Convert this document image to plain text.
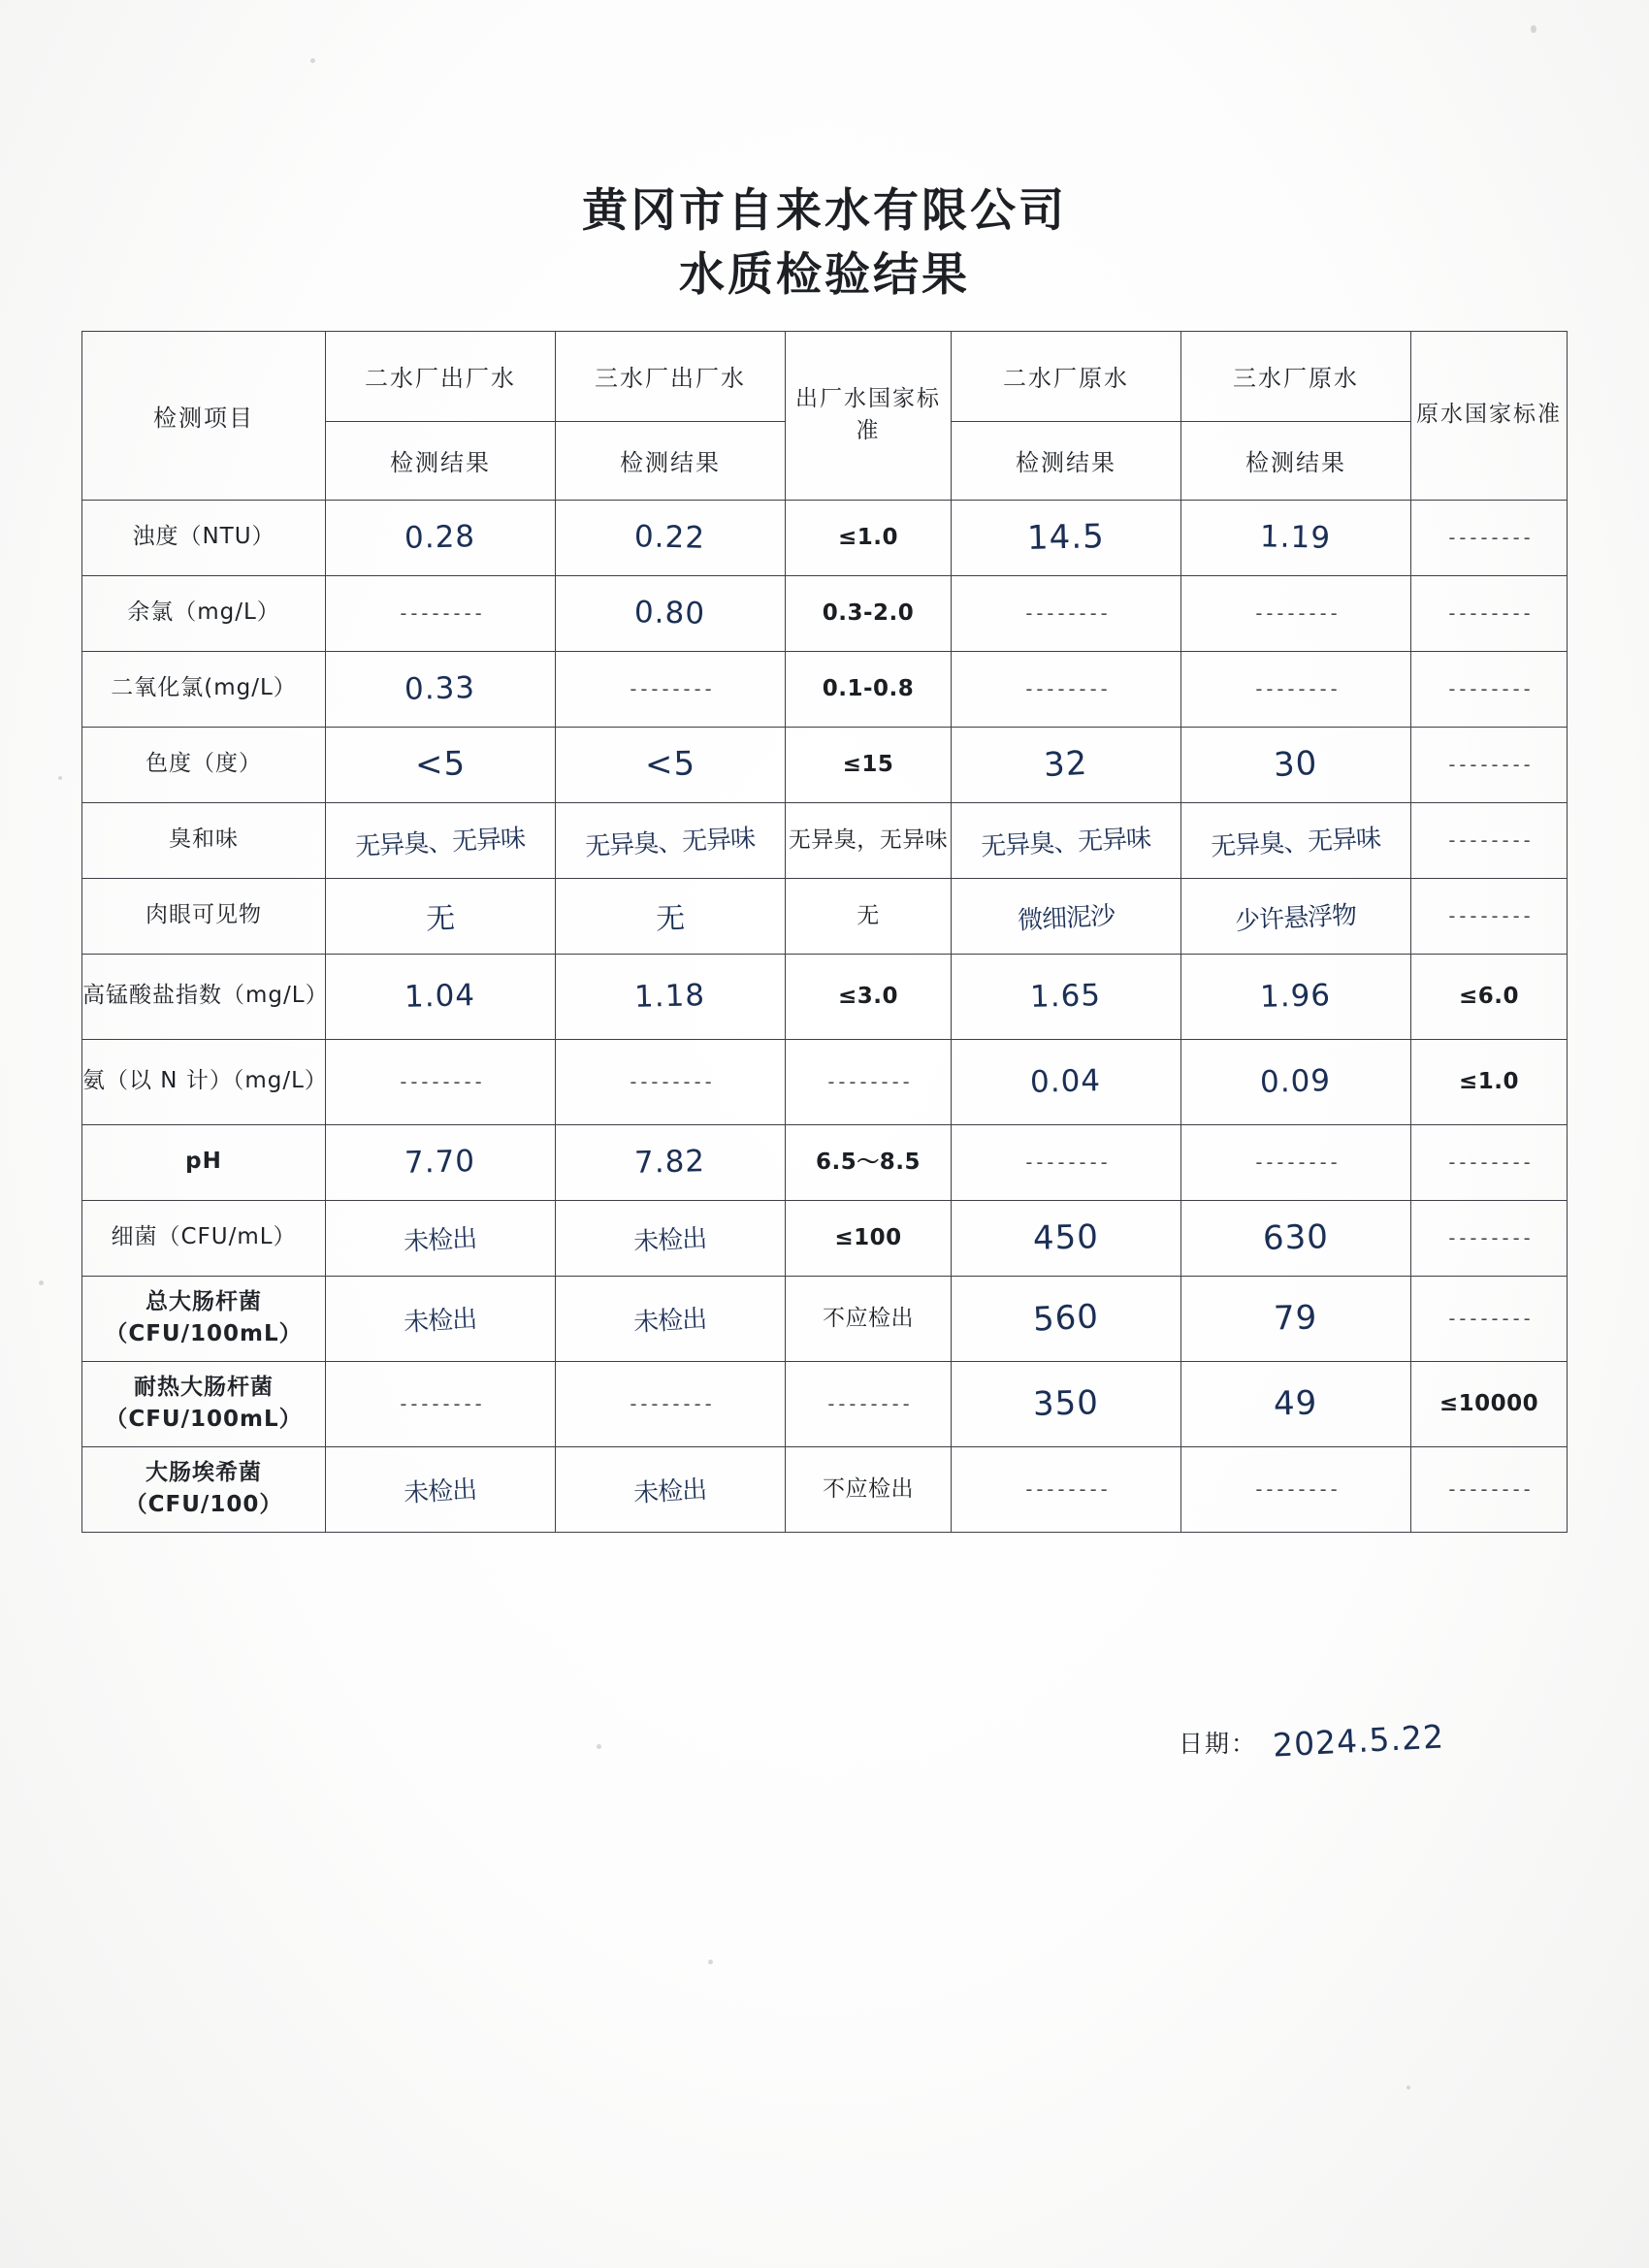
黄冈市自来水有限公司
水质检验结果
检测项目	二水厂出厂水	三水厂出厂水	出厂水国家标准	二水厂原水	三水厂原水	原水国家标准
	检测结果	检测结果		检测结果	检测结果	
浊度（NTU）	0.28	0.22	≤1.0	14.5	1.19	--------
余氯（mg/L）	--------	0.80	0.3-2.0	--------	--------	--------
二氧化氯(mg/L）	0.33	--------	0.1-0.8	--------	--------	--------
色度（度）	<5	<5	≤15	32	30	--------
臭和味	无异臭、无异味	无异臭、无异味	无异臭，无异味	无异臭、无异味	无异臭、无异味	--------
肉眼可见物	无	无	无	微细泥沙	少许悬浮物	--------
高锰酸盐指数（mg/L）	1.04	1.18	≤3.0	1.65	1.96	≤6.0
氨（以 N 计）（mg/L）	--------	--------	--------	0.04	0.09	≤1.0
pH	7.70	7.82	6.5～8.5	--------	--------	--------
细菌（CFU/mL）	未检出	未检出	≤100	450	630	--------
总大肠杆菌（CFU/100mL）	未检出	未检出	不应检出	560	79	--------
耐热大肠杆菌（CFU/100mL）	--------	--------	--------	350	49	≤10000
大肠埃希菌（CFU/100）	未检出	未检出	不应检出	--------	--------	--------
日期： 2024.5.22
